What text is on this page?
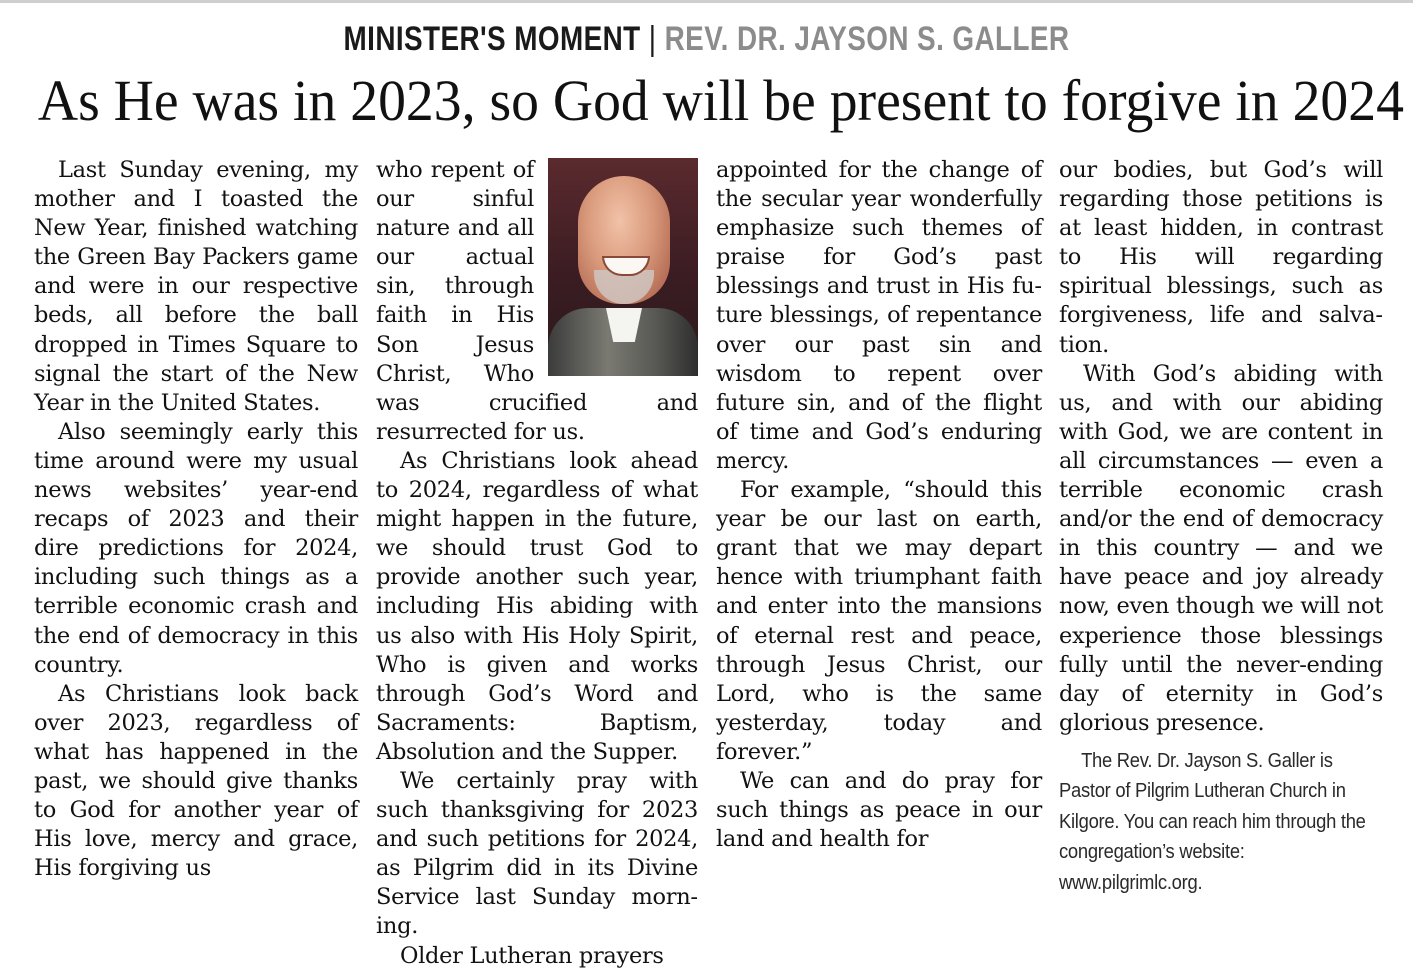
MINISTER'S MOMENT | REV. DR. JAYSON S. GALLER
As He was in 2023, so God will be present to forgive in 2024

Last Sunday evening, my mother and I toasted the New Year, finished watching the Green Bay Packers game and were in our respective beds, all before the ball dropped in Times Square to signal the start of the New Year in the United States.

Also seemingly early this time around were my usual news websites’ year-end recaps of 2023 and their dire predictions for 2024, including such things as a terrible economic crash and the end of democracy in this country.

As Christians look back over 2023, regardless of what has happened in the past, we should give thanks to God for another year of His love, mercy and grace, His forgiving us

who repent of our sinful nature and all our actual sin, through faith in His Son Jesus Christ, Who was crucified and resurrected for us.

As Christians look ahead to 2024, regardless of what might happen in the future, we should trust God to provide another such year, including His abiding with us also with His Holy Spirit, Who is given and works through God’s Word and Sacraments: Baptism, Absolution and the Supper.

We certainly pray with such thanksgiving for 2023 and such petitions for 2024, as Pilgrim did in its Divine Service last Sunday morning.

Older Lutheran prayers

appointed for the change of the secular year wonderfully emphasize such themes of praise for God’s past blessings and trust in His future blessings, of repentance over our past sin and wisdom to repent over future sin, and of the flight of time and God’s enduring mercy.

For example, “should this year be our last on earth, grant that we may depart hence with triumphant faith and enter into the mansions of eternal rest and peace, through Jesus Christ, our Lord, who is the same yesterday, today and forever.”

We can and do pray for such things as peace in our land and health for

our bodies, but God’s will regarding those petitions is at least hidden, in contrast to His will regarding spiritual blessings, such as forgiveness, life and salvation.

With God’s abiding with us, and with our abiding with God, we are content in all circumstances — even a terrible economic crash and/or the end of democracy in this country — and we have peace and joy already now, even though we will not experience those blessings fully until the never-ending day of eternity in God’s glorious presence.

The Rev. Dr. Jayson S. Galler is Pastor of Pilgrim Lutheran Church in Kilgore. You can reach him through the congregation’s website: www.pilgrimlc.org.
